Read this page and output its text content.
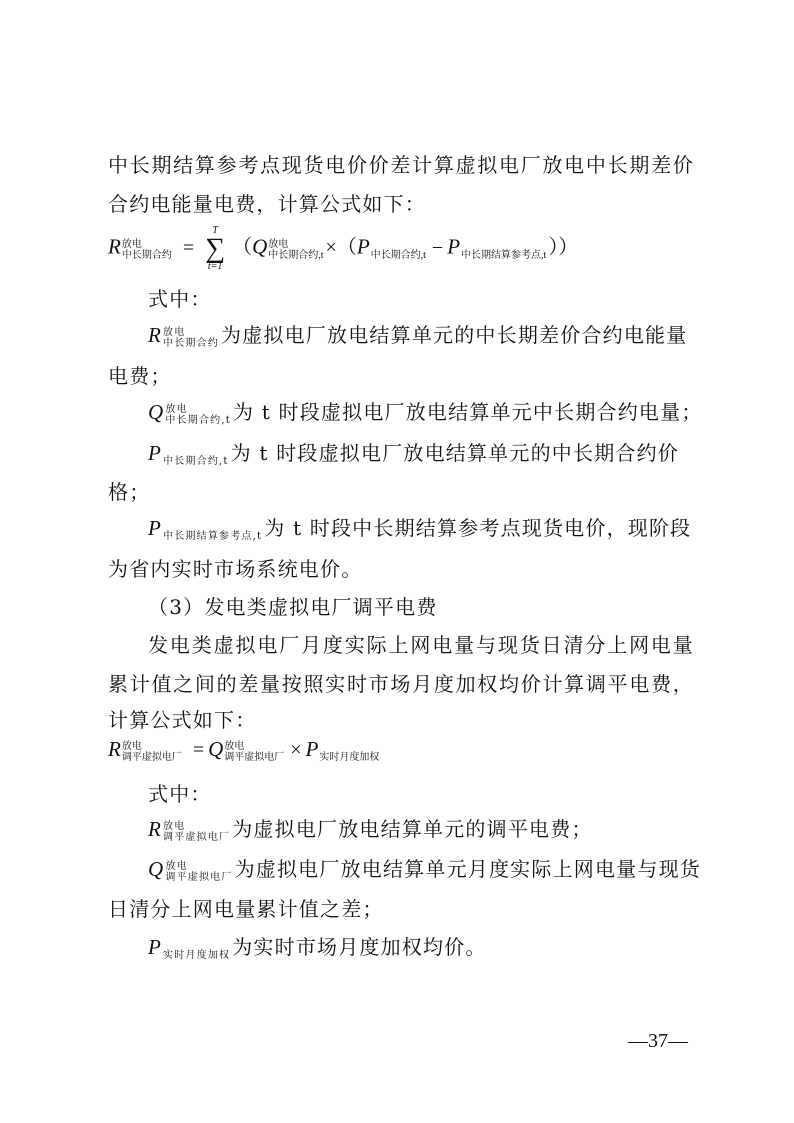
中长期结算参考点现货电价价差计算虚拟电厂放电中长期差价
合约电能量电费，计算公式如下：
R 放电
中长期合约 =
T
∑
t=1
（Q 放电
中长期合约,t ×（P
中长期合约,t − P
中长期结算参考点,t ））
式中：
R 放电
中长期合约 为虚拟电厂放电结算单元的中长期差价合约电能量
电费；
Q 放电
中长期合约,t 为 t 时段虚拟电厂放电结算单元中长期合约电量；
P
中长期合约,t 为 t 时段虚拟电厂放电结算单元的中长期合约价
格；
P
中长期结算参考点,t 为 t 时段中长期结算参考点现货电价，现阶段
为省内实时市场系统电价。
（3）发电类虚拟电厂调平电费
发电类虚拟电厂月度实际上网电量与现货日清分上网电量
累计值之间的差量按照实时市场月度加权均价计算调平电费，
计算公式如下：
R 放电
调平虚拟电厂 = Q 放电
调平虚拟电厂 × P
实时月度加权
式中：
R 放电
调平虚拟电厂 为虚拟电厂放电结算单元的调平电费；
Q 放电
调平虚拟电厂 为虚拟电厂放电结算单元月度实际上网电量与现货
日清分上网电量累计值之差；
P
实时月度加权 为实时市场月度加权均价。
—37—
